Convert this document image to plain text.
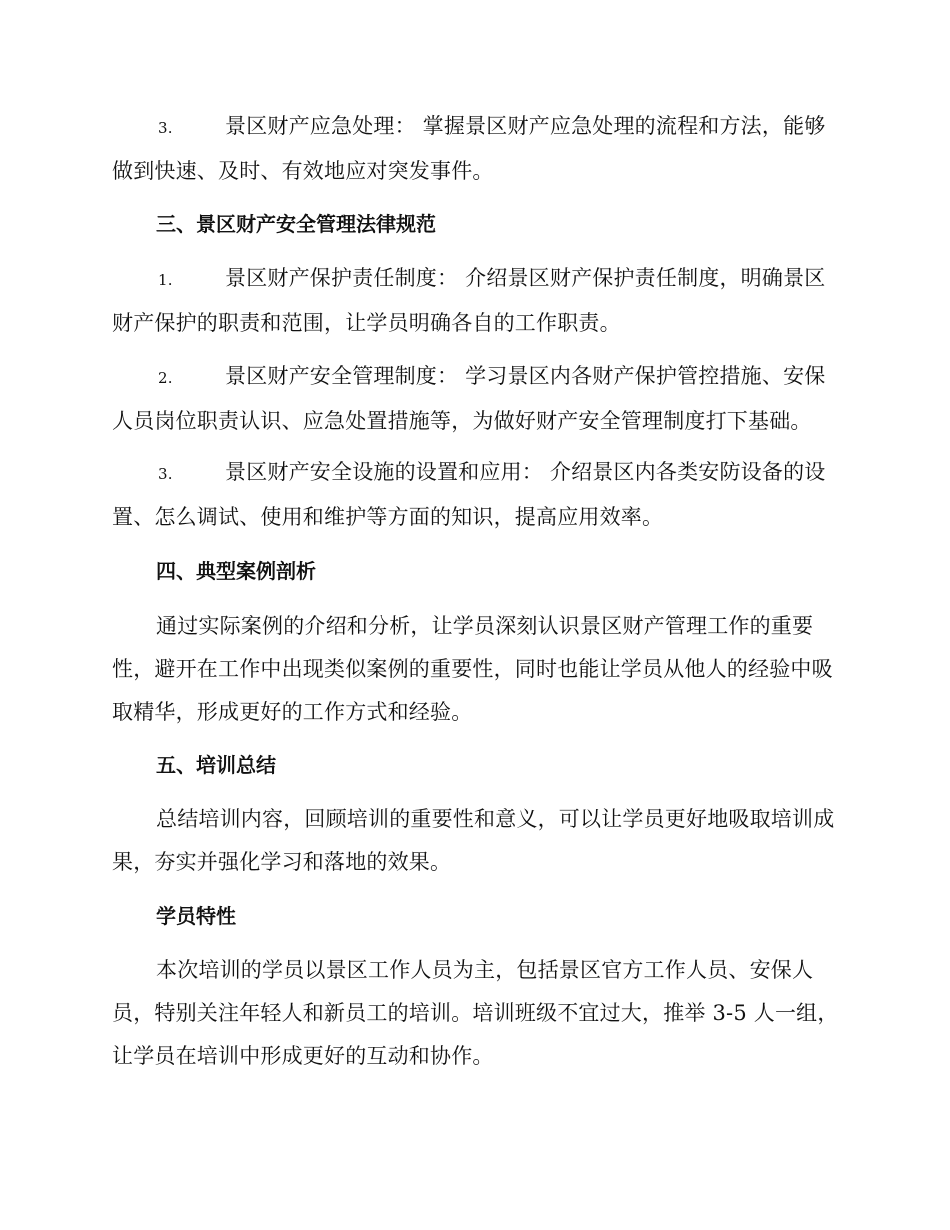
3. 景区财产应急处理： 掌握景区财产应急处理的流程和方法，能够做到快速、及时、有效地应对突发事件。

三、景区财产安全管理法律规范

1. 景区财产保护责任制度： 介绍景区财产保护责任制度，明确景区财产保护的职责和范围，让学员明确各自的工作职责。

2. 景区财产安全管理制度： 学习景区内各财产保护管控措施、安保人员岗位职责认识、应急处置措施等，为做好财产安全管理制度打下基础。

3. 景区财产安全设施的设置和应用： 介绍景区内各类安防设备的设置、怎么调试、使用和维护等方面的知识，提高应用效率。

四、典型案例剖析

通过实际案例的介绍和分析，让学员深刻认识景区财产管理工作的重要性，避开在工作中出现类似案例的重要性，同时也能让学员从他人的经验中吸取精华，形成更好的工作方式和经验。

五、培训总结

总结培训内容，回顾培训的重要性和意义，可以让学员更好地吸取培训成果，夯实并强化学习和落地的效果。

学员特性

本次培训的学员以景区工作人员为主，包括景区官方工作人员、安保人员，特别关注年轻人和新员工的培训。培训班级不宜过大，推举 3-5 人一组，让学员在培训中形成更好的互动和协作。
